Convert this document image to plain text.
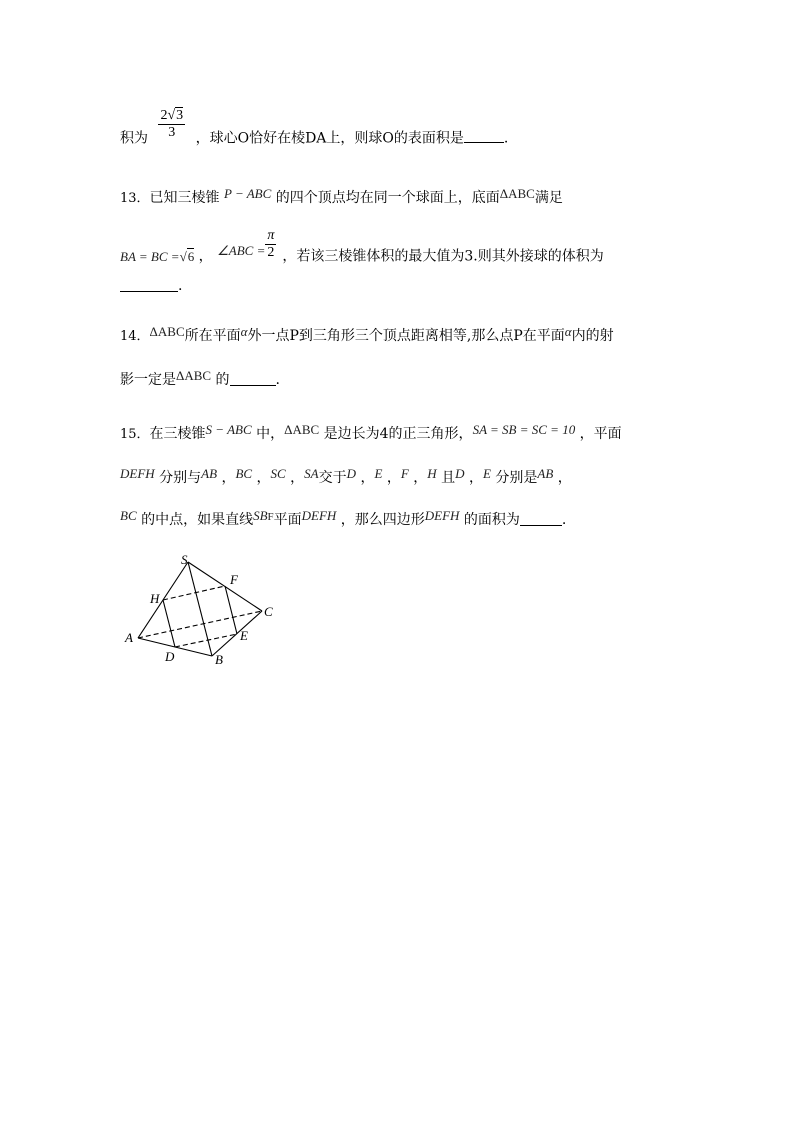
积为 $\frac{2√3}{3}$ ，球心O恰好在棱DA上，则球O的表面积是	.
13．已知三棱锥 P − ABC 的四个顶点均在同一个球面上，底面ΔABC满足
BA = BC =√6 ， ∠ABC = $\frac{\pi}{2}$ ，若该三棱锥体积的最大值为3.则其外接球的体积为
.
14．ΔABC所在平面α外一点P到三角形三个顶点距离相等,那么点P在平面α内的射
影一定是ΔABC 的	.
15．在三棱锥S − ABC 中，ΔABC 是边长为4的正三角形，SA = SB = SC = 10 ，平面
DEFH 分别与AB ，BC ，SC ，SA交于D ，E ，F ，H 且D ，E 分别是AB ，
BC 的中点，如果直线SBF平面DEFH ，那么四边形DEFH 的面积为	.
S
F
H
C
A	E
D	B
